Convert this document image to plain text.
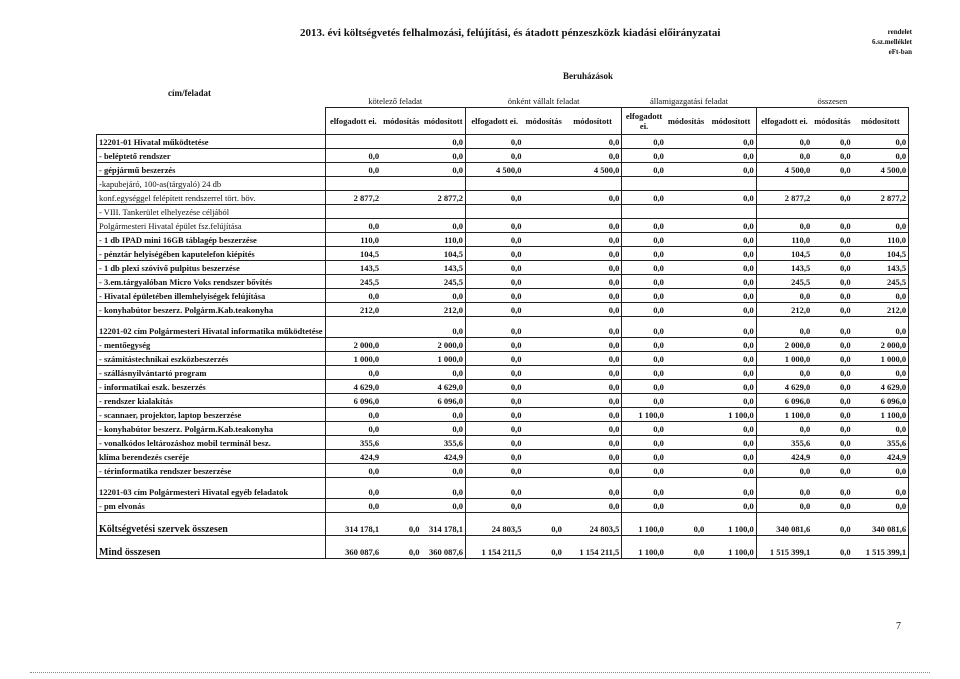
2013. évi költségvetés felhalmozási, felújítási, és átadott pénzeszközk kiadási előirányzatai	rendelet
6.sz.melléklet
eFt-ban
Beruházások
cím/feladat
	kötelező feladat			önként vállalt feladat			államigazgatási feladat			összesen		
	elfogadott ei.	módosítás	módosított	elfogadott ei.	módosítás	módosított	elfogadott ei.	módosítás	módosított	elfogadott ei.	módosítás	módosított
12201-01 Hivatal működtetése			0,0	0,0		0,0	0,0		0,0	0,0	0,0	0,0
- beléptető rendszer	0,0		0,0	0,0		0,0	0,0		0,0	0,0	0,0	0,0
- gépjármű beszerzés	0,0		0,0	4 500,0		4 500,0	0,0		0,0	4 500,0	0,0	4 500,0
-kapubejáró, 100-as(tárgyaló) 24 db												
konf.egységgel felépített rendszerrel tört. böv.	2 877,2		2 877,2	0,0		0,0	0,0		0,0	2 877,2	0,0	2 877,2
- VIII. Tankerület elhelyezése céljából												
Polgármesteri Hivatal épület fsz.felújítása	0,0		0,0	0,0		0,0	0,0		0,0	0,0	0,0	0,0
- 1 db IPAD mini 16GB táblagép beszerzése	110,0		110,0	0,0		0,0	0,0		0,0	110,0	0,0	110,0
- pénztár helyiségében kaputelefon kiépítés	104,5		104,5	0,0		0,0	0,0		0,0	104,5	0,0	104,5
- 1 db plexi szóvivő pulpitus beszerzése	143,5		143,5	0,0		0,0	0,0		0,0	143,5	0,0	143,5
- 3.em.tárgyalóban Micro Voks rendszer bővítés	245,5		245,5	0,0		0,0	0,0		0,0	245,5	0,0	245,5
- Hivatal épületében illemhelyiségek felújítása	0,0		0,0	0,0		0,0	0,0		0,0	0,0	0,0	0,0
- konyhabútor beszerz. Polgárm.Kab.teakonyha	212,0		212,0	0,0		0,0	0,0		0,0	212,0	0,0	212,0
12201-02 cím Polgármesteri Hivatal informatika működtetése			0,0	0,0		0,0	0,0		0,0	0,0	0,0	0,0
- mentőegység	2 000,0		2 000,0	0,0		0,0	0,0		0,0	2 000,0	0,0	2 000,0
- számítástechnikai eszközbeszerzés	1 000,0		1 000,0	0,0		0,0	0,0		0,0	1 000,0	0,0	1 000,0
- szállásnyilvántartó program	0,0		0,0	0,0		0,0	0,0		0,0	0,0	0,0	0,0
- informatikai eszk. beszerzés	4 629,0		4 629,0	0,0		0,0	0,0		0,0	4 629,0	0,0	4 629,0
- rendszer kialakítás	6 096,0		6 096,0	0,0		0,0	0,0		0,0	6 096,0	0,0	6 096,0
- scannaer, projektor, laptop beszerzése	0,0		0,0	0,0		0,0	1 100,0		1 100,0	1 100,0	0,0	1 100,0
- konyhabútor beszerz. Polgárm.Kab.teakonyha	0,0		0,0	0,0		0,0	0,0		0,0	0,0	0,0	0,0
- vonalkódos leltározáshoz mobil terminál besz.	355,6		355,6	0,0		0,0	0,0		0,0	355,6	0,0	355,6
klíma berendezés cseréje	424,9		424,9	0,0		0,0	0,0		0,0	424,9	0,0	424,9
- térinformatika rendszer beszerzése	0,0		0,0	0,0		0,0	0,0		0,0	0,0	0,0	0,0
12201-03 cím Polgármesteri Hivatal egyéb feladatok	0,0		0,0	0,0		0,0	0,0		0,0	0,0	0,0	0,0
- pm elvonás	0,0		0,0	0,0		0,0	0,0		0,0	0,0	0,0	0,0
Költségvetési szervek összesen	314 178,1	0,0	314 178,1	24 803,5	0,0	24 803,5	1 100,0	0,0	1 100,0	340 081,6	0,0	340 081,6
Mind összesen	360 087,6	0,0	360 087,6	1 154 211,5	0,0	1 154 211,5	1 100,0	0,0	1 100,0	1 515 399,1	0,0	1 515 399,1
7
